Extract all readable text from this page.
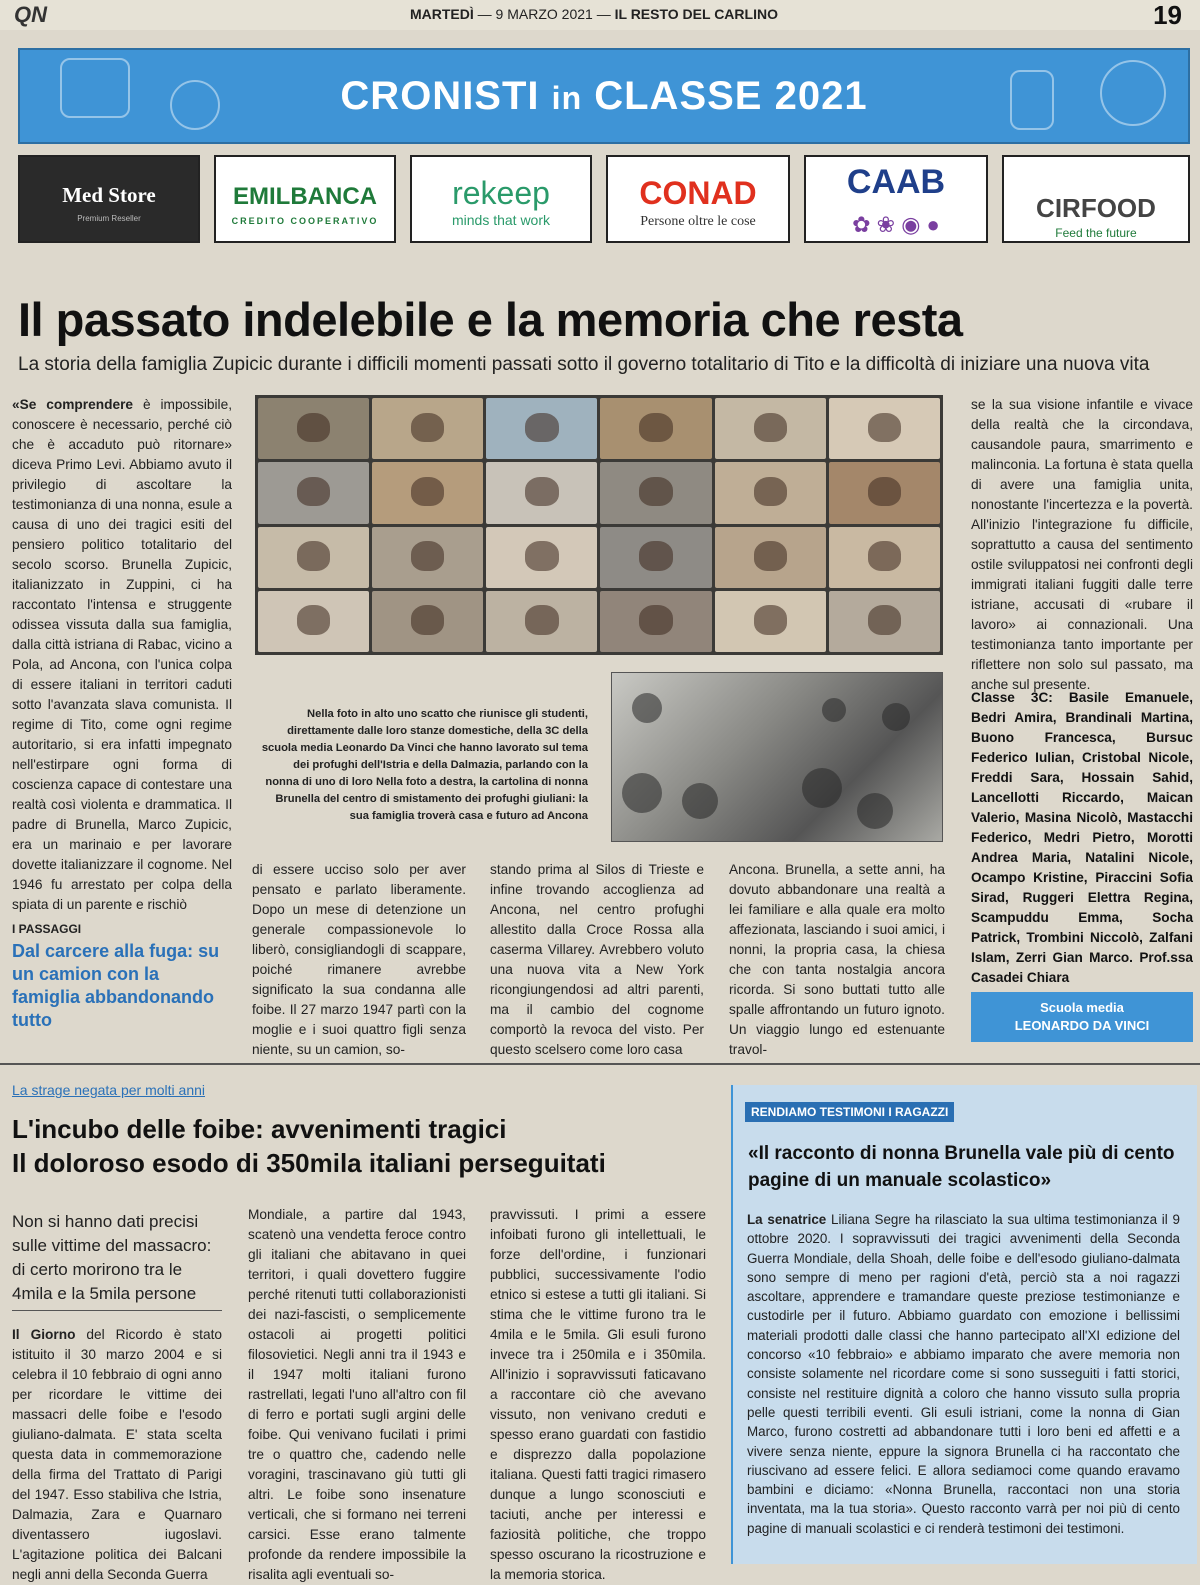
QN	MARTEDÌ — 9 MARZO 2021 — IL RESTO DEL CARLINO	19
CRONISTI in CLASSE 2021
Med Store
Premium Reseller
EMILBANCA
CREDITO COOPERATIVO
rekeep
minds that work
CONAD
Persone oltre le cose
CAAB
✿ ❀ ◉ ●
CIRFOOD
Feed the future
Il passato indelebile e la memoria che resta
La storia della famiglia Zupicic durante i difficili momenti passati sotto il governo totalitario di Tito e la difficoltà di iniziare una nuova vita
«Se comprendere è impossibile, conoscere è necessario, perché ciò che è accaduto può ritornare» diceva Primo Levi. Abbiamo avuto il privilegio di ascoltare la testimonianza di una nonna, esule a causa di uno dei tragici esiti del pensiero politico totalitario del secolo scorso. Brunella Zupicic, italianizzato in Zuppini, ci ha raccontato l'intensa e struggente odissea vissuta dalla sua famiglia, dalla città istriana di Rabac, vicino a Pola, ad Ancona, con l'unica colpa di essere italiani in territori caduti sotto l'avanzata slava comunista. Il regime di Tito, come ogni regime autoritario, si era infatti impegnato nell'estirpare ogni forma di coscienza capace di contestare una realtà così violenta e drammatica. Il padre di Brunella, Marco Zupicic, era un marinaio e per lavorare dovette italianizzare il cognome. Nel 1946 fu arrestato per colpa della spiata di un parente e rischiò
Nella foto in alto uno scatto che riunisce gli studenti, direttamente dalle loro stanze domestiche, della 3C della scuola media Leonardo Da Vinci che hanno lavorato sul tema dei profughi dell'Istria e della Dalmazia, parlando con la nonna di uno di loro Nella foto a destra, la cartolina di nonna Brunella del centro di smistamento dei profughi giuliani: la sua famiglia troverà casa e futuro ad Ancona
di essere ucciso solo per aver pensato e parlato liberamente. Dopo un mese di detenzione un generale compassionevole lo liberò, consigliandogli di scappare, poiché rimanere avrebbe significato la sua condanna alle foibe. Il 27 marzo 1947 partì con la moglie e i suoi quattro figli senza niente, su un camion, so-
stando prima al Silos di Trieste e infine trovando accoglienza ad Ancona, nel centro profughi allestito dalla Croce Rossa alla caserma Villarey. Avrebbero voluto una nuova vita a New York ricongiungendosi ad altri parenti, ma il cambio del cognome comportò la revoca del visto. Per questo scelsero come loro casa
Ancona. Brunella, a sette anni, ha dovuto abbandonare una realtà a lei familiare e alla quale era molto affezionata, lasciando i suoi amici, i nonni, la propria casa, la chiesa che con tanta nostalgia ancora ricorda. Si sono buttati tutto alle spalle affrontando un futuro ignoto. Un viaggio lungo ed estenuante travol-
se la sua visione infantile e vivace della realtà che la circondava, causandole paura, smarrimento e malinconia. La fortuna è stata quella di avere una famiglia unita, nonostante l'incertezza e la povertà. All'inizio l'integrazione fu difficile, soprattutto a causa del sentimento ostile sviluppatosi nei confronti degli immigrati italiani fuggiti dalle terre istriane, accusati di «rubare il lavoro» ai connazionali. Una testimonianza tanto importante per riflettere non solo sul passato, ma anche sul presente.
I PASSAGGI
Dal carcere alla fuga: su un camion con la famiglia abbandonando tutto
Classe 3C: Basile Emanuele, Bedri Amira, Brandinali Martina, Buono Francesca, Bursuc Federico Iulian, Cristobal Nicole, Freddi Sara, Hossain Sahid, Lancellotti Riccardo, Maican Valerio, Masina Nicolò, Mastacchi Federico, Medri Pietro, Morotti Andrea Maria, Natalini Nicole, Ocampo Kristine, Piraccini Sofia Sirad, Ruggeri Elettra Regina, Scampuddu Emma, Socha Patrick, Trombini Niccolò, Zalfani Islam, Zerri Gian Marco. Prof.ssa Casadei Chiara
Scuola media
LEONARDO DA VINCI
La strage negata per molti anni
L'incubo delle foibe: avvenimenti tragici
Il doloroso esodo di 350mila italiani perseguitati
Non si hanno dati precisi sulle vittime del massacro: di certo morirono tra le 4mila e la 5mila persone
Il Giorno del Ricordo è stato istituito il 30 marzo 2004 e si celebra il 10 febbraio di ogni anno per ricordare le vittime dei massacri delle foibe e l'esodo giuliano-dalmata. E' stata scelta questa data in commemorazione della firma del Trattato di Parigi del 1947. Esso stabiliva che Istria, Dalmazia, Zara e Quarnaro diventassero iugoslavi. L'agitazione politica dei Balcani negli anni della Seconda Guerra
Mondiale, a partire dal 1943, scatenò una vendetta feroce contro gli italiani che abitavano in quei territori, i quali dovettero fuggire perché ritenuti tutti collaborazionisti dei nazi-fascisti, o semplicemente ostacoli ai progetti politici filosovietici. Negli anni tra il 1943 e il 1947 molti italiani furono rastrellati, legati l'uno all'altro con fil di ferro e portati sugli argini delle foibe. Qui venivano fucilati i primi tre o quattro che, cadendo nelle voragini, trascinavano giù tutti gli altri. Le foibe sono insenature verticali, che si formano nei terreni carsici. Esse erano talmente profonde da rendere impossibile la risalita agli eventuali so-
pravvissuti. I primi a essere infoibati furono gli intellettuali, le forze dell'ordine, i funzionari pubblici, successivamente l'odio etnico si estese a tutti gli italiani. Si stima che le vittime furono tra le 4mila e le 5mila. Gli esuli furono invece tra i 250mila e i 350mila. All'inizio i sopravvissuti faticavano a raccontare ciò che avevano vissuto, non venivano creduti e spesso erano guardati con fastidio e disprezzo dalla popolazione italiana. Questi fatti tragici rimasero dunque a lungo sconosciuti e taciuti, anche per interessi e faziosità politiche, che troppo spesso oscurano la ricostruzione e la memoria storica.
RENDIAMO TESTIMONI I RAGAZZI
«Il racconto di nonna Brunella vale più di cento pagine di un manuale scolastico»
La senatrice Liliana Segre ha rilasciato la sua ultima testimonianza il 9 ottobre 2020. I sopravvissuti dei tragici avvenimenti della Seconda Guerra Mondiale, della Shoah, delle foibe e dell'esodo giuliano-dalmata sono sempre di meno per ragioni d'età, perciò sta a noi ragazzi ascoltare, apprendere e tramandare queste preziose testimonianze e custodirle per il futuro. Abbiamo guardato con emozione i bellissimi materiali prodotti dalle classi che hanno partecipato all'XI edizione del concorso «10 febbraio» e abbiamo imparato che avere memoria non consiste solamente nel ricordare come si sono susseguiti i fatti storici, consiste nel restituire dignità a coloro che hanno vissuto sulla propria pelle questi terribili eventi. Gli esuli istriani, come la nonna di Gian Marco, furono costretti ad abbandonare tutti i loro beni ed affetti e a vivere senza niente, eppure la signora Brunella ci ha raccontato che riuscivano ad essere felici. E allora sediamoci come quando eravamo bambini e diciamo: «Nonna Brunella, raccontaci non una storia inventata, ma la tua storia». Questo racconto varrà per noi più di cento pagine di manuali scolastici e ci renderà testimoni dei testimoni.
